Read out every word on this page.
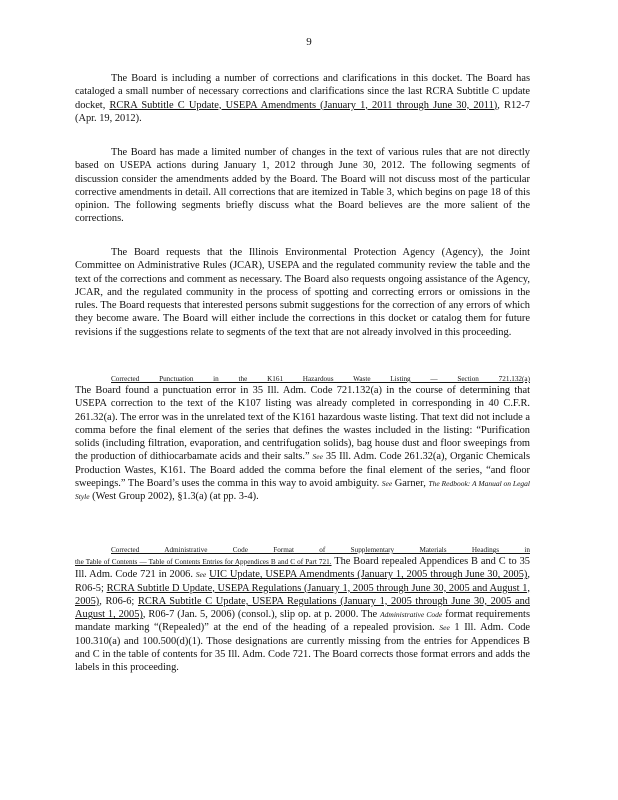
9
The Board is including a number of corrections and clarifications in this docket. The Board has cataloged a small number of necessary corrections and clarifications since the last RCRA Subtitle C update docket, RCRA Subtitle C Update, USEPA Amendments (January 1, 2011 through June 30, 2011), R12-7 (Apr. 19, 2012).
The Board has made a limited number of changes in the text of various rules that are not directly based on USEPA actions during January 1, 2012 through June 30, 2012. The following segments of discussion consider the amendments added by the Board. The Board will not discuss most of the particular corrective amendments in detail. All corrections that are itemized in Table 3, which begins on page 18 of this opinion. The following segments briefly discuss what the Board believes are the more salient of the corrections.
The Board requests that the Illinois Environmental Protection Agency (Agency), the Joint Committee on Administrative Rules (JCAR), USEPA and the regulated community review the table and the text of the corrections and comment as necessary. The Board also requests ongoing assistance of the Agency, JCAR, and the regulated community in the process of spotting and correcting errors or omissions in the rules. The Board requests that interested persons submit suggestions for the correction of any errors of which they become aware. The Board will either include the corrections in this docket or catalog them for future revisions if the suggestions relate to segments of the text that are not already involved in this proceeding.
Corrected Punctuation in the K161 Hazardous Waste Listing — Section 721.132(a)
The Board found a punctuation error in 35 Ill. Adm. Code 721.132(a) in the course of determining that USEPA correction to the text of the K107 listing was already completed in corresponding in 40 C.F.R. 261.32(a). The error was in the unrelated text of the K161 hazardous waste listing. That text did not include a comma before the final element of the series that defines the wastes included in the listing: “Purification solids (including filtration, evaporation, and centrifugation solids), bag house dust and floor sweepings from the production of dithiocarbamate acids and their salts.” See 35 Ill. Adm. Code 261.32(a), Organic Chemicals Production Wastes, K161. The Board added the comma before the final element of the series, “and floor sweepings.” The Board’s uses the comma in this way to avoid ambiguity. See Garner, The Redbook: A Manual on Legal Style (West Group 2002), §1.3(a) (at pp. 3-4).
Corrected Administrative Code Format of Supplementary Materials Headings in
the Table of Contents — Table of Contents Entries for Appendices B and C of Part 721. The Board repealed Appendices B and C to 35 Ill. Adm. Code 721 in 2006. See UIC Update, USEPA Amendments (January 1, 2005 through June 30, 2005), R06-5; RCRA Subtitle D Update, USEPA Regulations (January 1, 2005 through June 30, 2005 and August 1, 2005), R06-6; RCRA Subtitle C Update, USEPA Regulations (January 1, 2005 through June 30, 2005 and August 1, 2005), R06-7 (Jan. 5, 2006) (consol.), slip op. at p. 2000. The Administrative Code format requirements mandate marking “(Repealed)” at the end of the heading of a repealed provision. See 1 Ill. Adm. Code 100.310(a) and 100.500(d)(1). Those designations are currently missing from the entries for Appendices B and C in the table of contents for 35 Ill. Adm. Code 721. The Board corrects those format errors and adds the labels in this proceeding.
